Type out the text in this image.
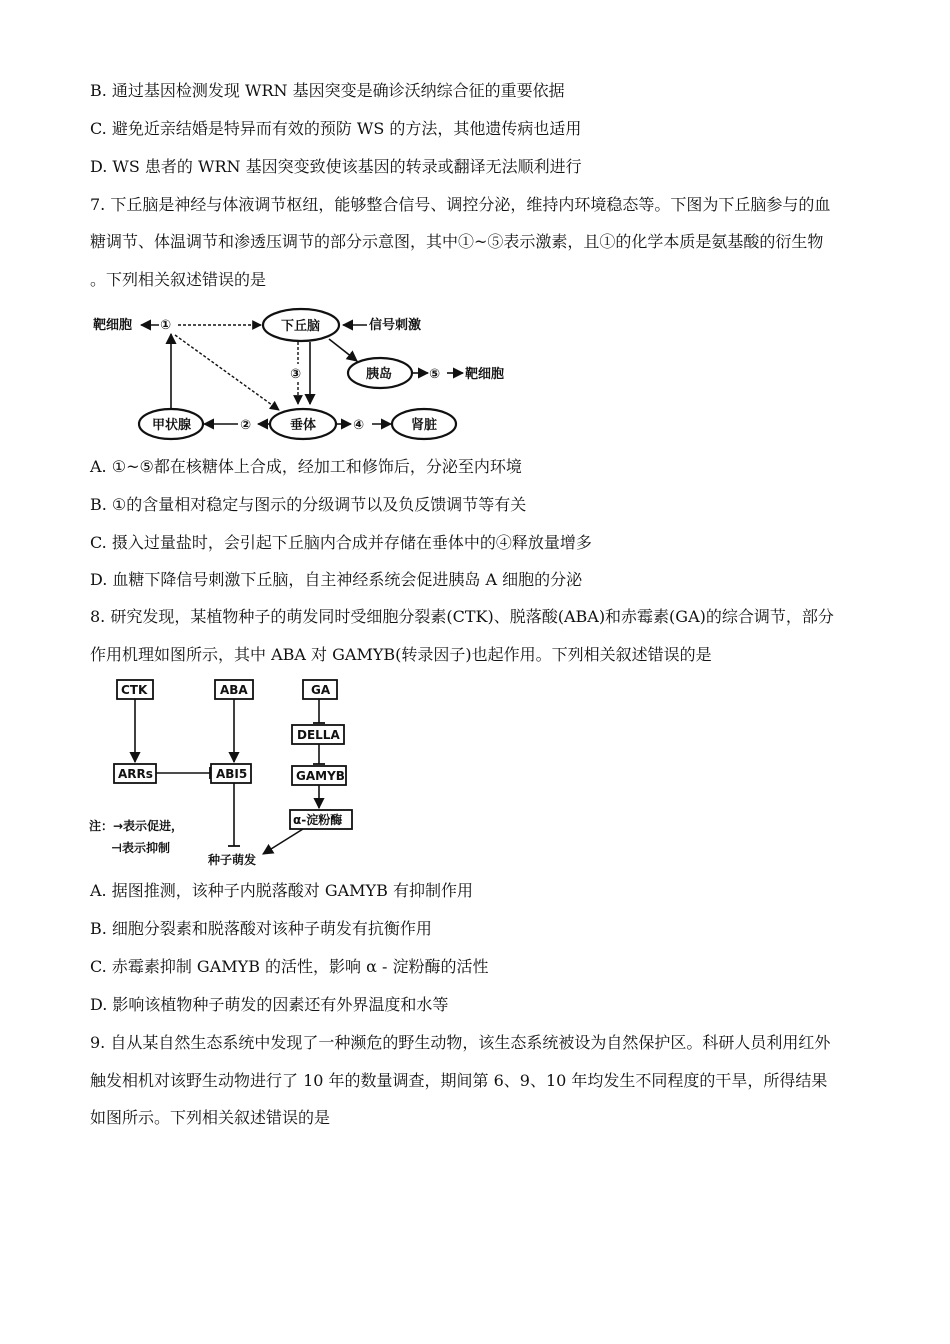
B. 通过基因检测发现 WRN 基因突变是确诊沃纳综合征的重要依据
C. 避免近亲结婚是特异而有效的预防 WS 的方法，其他遗传病也适用
D. WS 患者的 WRN 基因突变致使该基因的转录或翻译无法顺利进行
7. 下丘脑是神经与体液调节枢纽，能够整合信号、调控分泌，维持内环境稳态等。下图为下丘脑参与的血
糖调节、体温调节和渗透压调节的部分示意图，其中①~⑤表示激素，且①的化学本质是氨基酸的衍生物
。下列相关叙述错误的是
靶细胞 ①	下丘脑	信号刺激
胰岛	⑤ 靶细胞
③
垂体
②
甲状腺	④	肾脏
A. ①~⑤都在核糖体上合成，经加工和修饰后，分泌至内环境
B. ①的含量相对稳定与图示的分级调节以及负反馈调节等有关
C. 摄入过量盐时，会引起下丘脑内合成并存储在垂体中的④释放量增多
D. 血糖下降信号刺激下丘脑，自主神经系统会促进胰岛 A 细胞的分泌
8. 研究发现，某植物种子的萌发同时受细胞分裂素(CTK)、脱落酸(ABA)和赤霉素(GA)的综合调节，部分
作用机理如图所示，其中 ABA 对 GAMYB(转录因子)也起作用。下列相关叙述错误的是
CTK	ABA	GA
DELLA
GAMYB
ARRs	ABI5
α-淀粉酶
种子萌发
注：→表示促进，
⊣表示抑制
A. 据图推测，该种子内脱落酸对 GAMYB 有抑制作用
B. 细胞分裂素和脱落酸对该种子萌发有抗衡作用
C. 赤霉素抑制 GAMYB 的活性，影响 α - 淀粉酶的活性
D. 影响该植物种子萌发的因素还有外界温度和水等
9. 自从某自然生态系统中发现了一种濒危的野生动物，该生态系统被设为自然保护区。科研人员利用红外
触发相机对该野生动物进行了 10 年的数量调查，期间第 6、9、10 年均发生不同程度的干旱，所得结果
如图所示。下列相关叙述错误的是
